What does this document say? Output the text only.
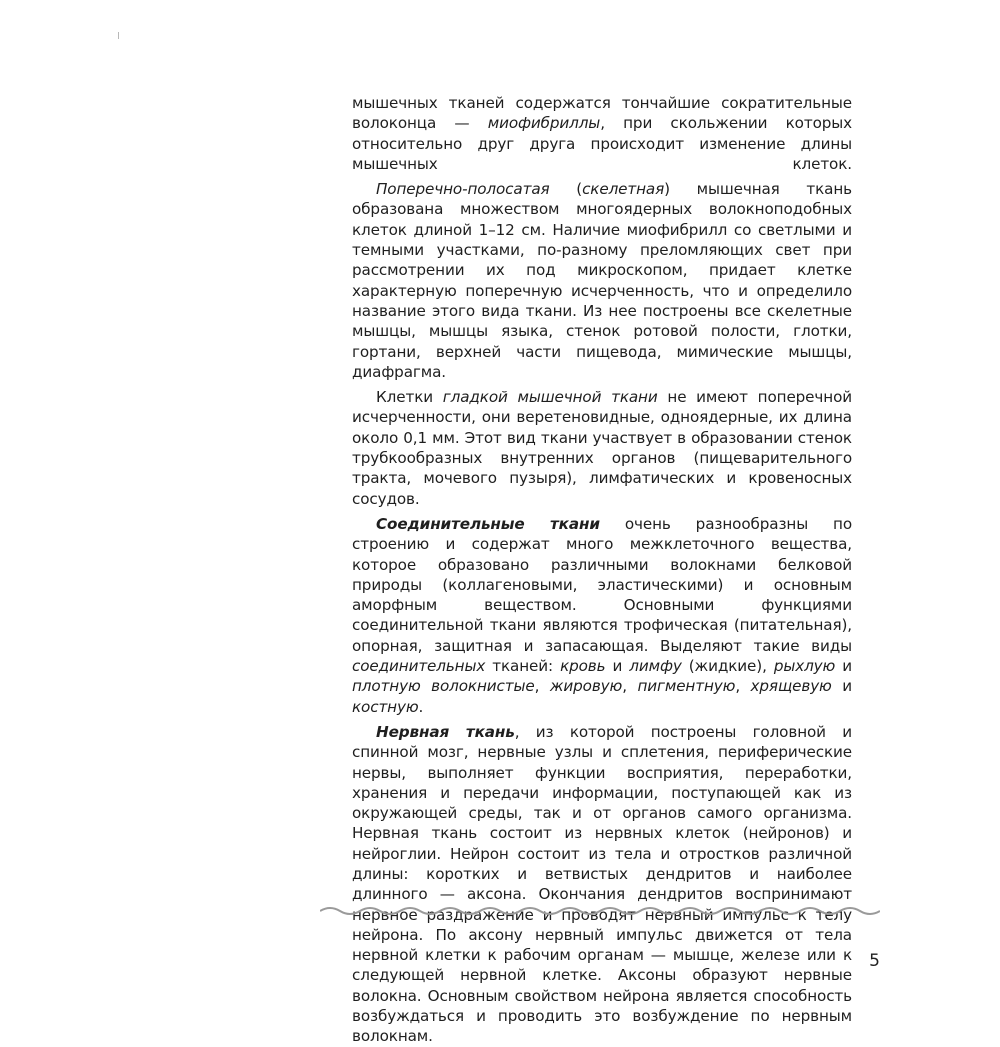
мышечных тканей содержатся тончайшие сократительные волоконца — миофибриллы, при скольжении которых относительно друг друга происходит изменение длины мышечных клеток.

Поперечно-полосатая (скелетная) мышечная ткань образована множеством многоядерных волокноподобных клеток длиной 1–12 см. Наличие миофибрилл со светлыми и темными участками, по-разному преломляющих свет при рассмотрении их под микроскопом, придает клетке характерную поперечную исчерченность, что и определило название этого вида ткани. Из нее построены все скелетные мышцы, мышцы языка, стенок ротовой полости, глотки, гортани, верхней части пищевода, мимические мышцы, диафрагма.

Клетки гладкой мышечной ткани не имеют поперечной исчерченности, они веретеновидные, одноядерные, их длина около 0,1 мм. Этот вид ткани участвует в образовании стенок трубкообразных внутренних органов (пищеварительного тракта, мочевого пузыря), лимфатических и кровеносных сосудов.

Соединительные ткани очень разнообразны по строению и содержат много межклеточного вещества, которое образовано различными волокнами белковой природы (коллагеновыми, эластическими) и основным аморфным веществом. Основными функциями соединительной ткани являются трофическая (питательная), опорная, защитная и запасающая. Выделяют такие виды соединительных тканей: кровь и лимфу (жидкие), рыхлую и плотную волокнистые, жировую, пигментную, хрящевую и костную.

Нервная ткань, из которой построены головной и спинной мозг, нервные узлы и сплетения, периферические нервы, выполняет функции восприятия, переработки, хранения и передачи информации, поступающей как из окружающей среды, так и от органов самого организма. Нервная ткань состоит из нервных клеток (нейронов) и нейроглии. Нейрон состоит из тела и отростков различной длины: коротких и ветвистых дендритов и наиболее длинного — аксона. Окончания дендритов воспринимают нервное раздражение и проводят нервный импульс к телу нейрона. По аксону нервный импульс движется от тела нервной клетки к рабочим органам — мышце, железе или к следующей нервной клетке. Аксоны образуют нервные волокна. Основным свойством нейрона является способность возбуждаться и проводить это возбуждение по нервным волокнам.

5
